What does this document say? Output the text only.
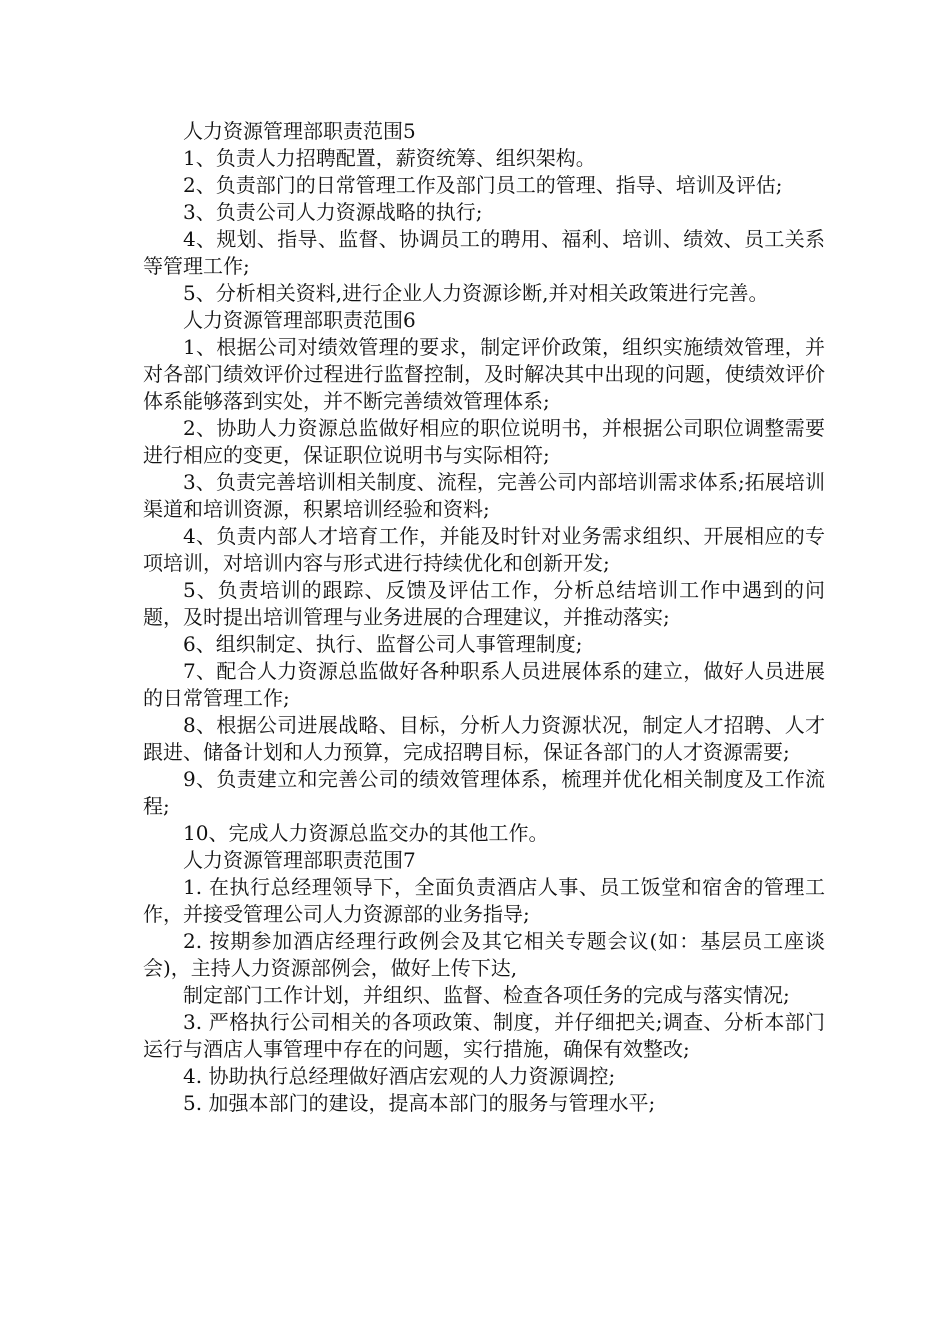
人力资源管理部职责范围5

1、负责人力招聘配置，薪资统筹、组织架构。

2、负责部门的日常管理工作及部门员工的管理、指导、培训及评估;

3、负责公司人力资源战略的执行;

4、规划、指导、监督、协调员工的聘用、福利、培训、绩效、员工关系等管理工作;

5、分析相关资料,进行企业人力资源诊断,并对相关政策进行完善。

人力资源管理部职责范围6

1、根据公司对绩效管理的要求，制定评价政策，组织实施绩效管理，并对各部门绩效评价过程进行监督控制，及时解决其中出现的问题，使绩效评价体系能够落到实处，并不断完善绩效管理体系;

2、协助人力资源总监做好相应的职位说明书，并根据公司职位调整需要进行相应的变更，保证职位说明书与实际相符;

3、负责完善培训相关制度、流程，完善公司内部培训需求体系;拓展培训渠道和培训资源，积累培训经验和资料;

4、负责内部人才培育工作，并能及时针对业务需求组织、开展相应的专项培训，对培训内容与形式进行持续优化和创新开发;

5、负责培训的跟踪、反馈及评估工作，分析总结培训工作中遇到的问题，及时提出培训管理与业务进展的合理建议，并推动落实;

6、组织制定、执行、监督公司人事管理制度;

7、配合人力资源总监做好各种职系人员进展体系的建立，做好人员进展的日常管理工作;

8、根据公司进展战略、目标，分析人力资源状况，制定人才招聘、人才跟进、储备计划和人力预算，完成招聘目标，保证各部门的人才资源需要;

9、负责建立和完善公司的绩效管理体系，梳理并优化相关制度及工作流程;

10、完成人力资源总监交办的其他工作。

人力资源管理部职责范围7

1. 在执行总经理领导下，全面负责酒店人事、员工饭堂和宿舍的管理工作，并接受管理公司人力资源部的业务指导;

2. 按期参加酒店经理行政例会及其它相关专题会议(如：基层员工座谈会)，主持人力资源部例会，做好上传下达,

制定部门工作计划，并组织、监督、检查各项任务的完成与落实情况;

3. 严格执行公司相关的各项政策、制度，并仔细把关;调查、分析本部门运行与酒店人事管理中存在的问题，实行措施，确保有效整改;

4. 协助执行总经理做好酒店宏观的人力资源调控;

5. 加强本部门的建设，提高本部门的服务与管理水平;
